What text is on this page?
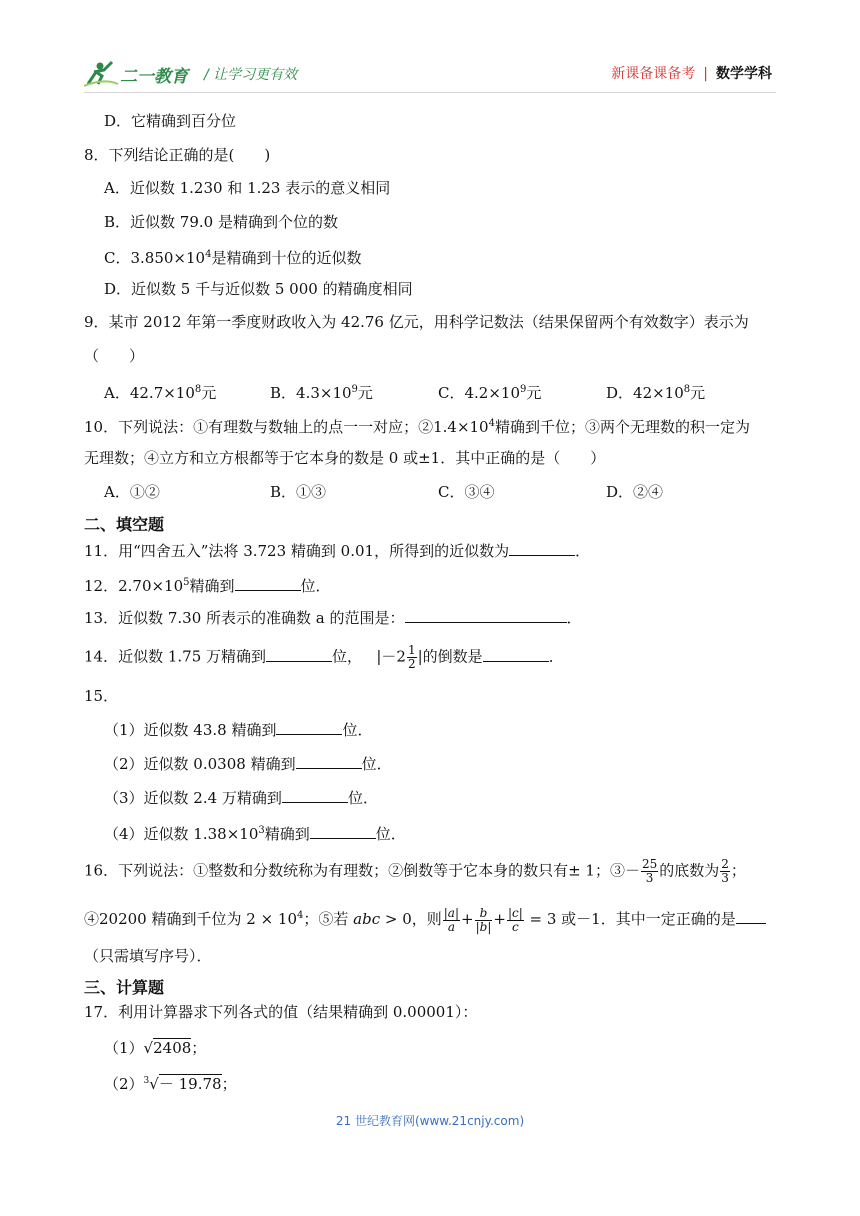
二一教育 / 让学习更有效	新课备课备考 | 数学学科
D．它精确到百分位
8．下列结论正确的是(　　)
A．近似数 1.230 和 1.23 表示的意义相同
B．近似数 79.0 是精确到个位的数
C．$3.850\times 10^4$是精确到十位的近似数
D．近似数 5 千与近似数 5 000 的精确度相同
9．某市 2012 年第一季度财政收入为 42.76 亿元，用科学记数法（结果保留两个有效数字）表示为
（　　）
A．$42.7\times 10^8$元	B．$4.3\times 10^9$元	C．$4.2\times 10^9$元	D．$42\times 10^8$元
10．下列说法：①有理数与数轴上的点一一对应；$②1.4\times 10^4$精确到千位；③两个无理数的积一定为
无理数；④立方和立方根都等于它本身的数是 0 或±1．其中正确的是（　　）
A．①②	B．①③	C．③④	D．②④
二、填空题
11．用“四舍五入”法将 3.723 精确到 0.01，所得到的近似数为	．
12．$2.70\times 10^5$精确到	位．
13．近似数 7.30 所表示的准确数 a 的范围是：	．
14．近似数 1.75 万精确到	位， $|-2 \frac{1}{2}$ |的倒数是	．
15．
（1）近似数 43.8 精确到	位．
（2）近似数 0.0308 精确到	位．
（3）近似数 2.4 万精确到	位．
（4）近似数 $1.38\times 10^3$精确到	位．
16．下列说法：①整数和分数统称为有理数；②倒数等于它本身的数只有± 1；③－ $\frac{25}{3}$ 的底数为 $\frac{2}{3}$ ；
④20200 精确到千位为 $2 \times 10^4$；⑤若 abc > 0，则 $\frac{|a|}{a} + \frac{b}{|b|} + \frac{|c|}{c} = 3$ 或－1．其中一定正确的是
（只需填写序号）．
三、计算题
17．利用计算器求下列各式的值（结果精确到 0.00001）：
（1）√2408；
$(2)^3√- 19.78$；
21 世纪教育网(www.21cnjy.com)
